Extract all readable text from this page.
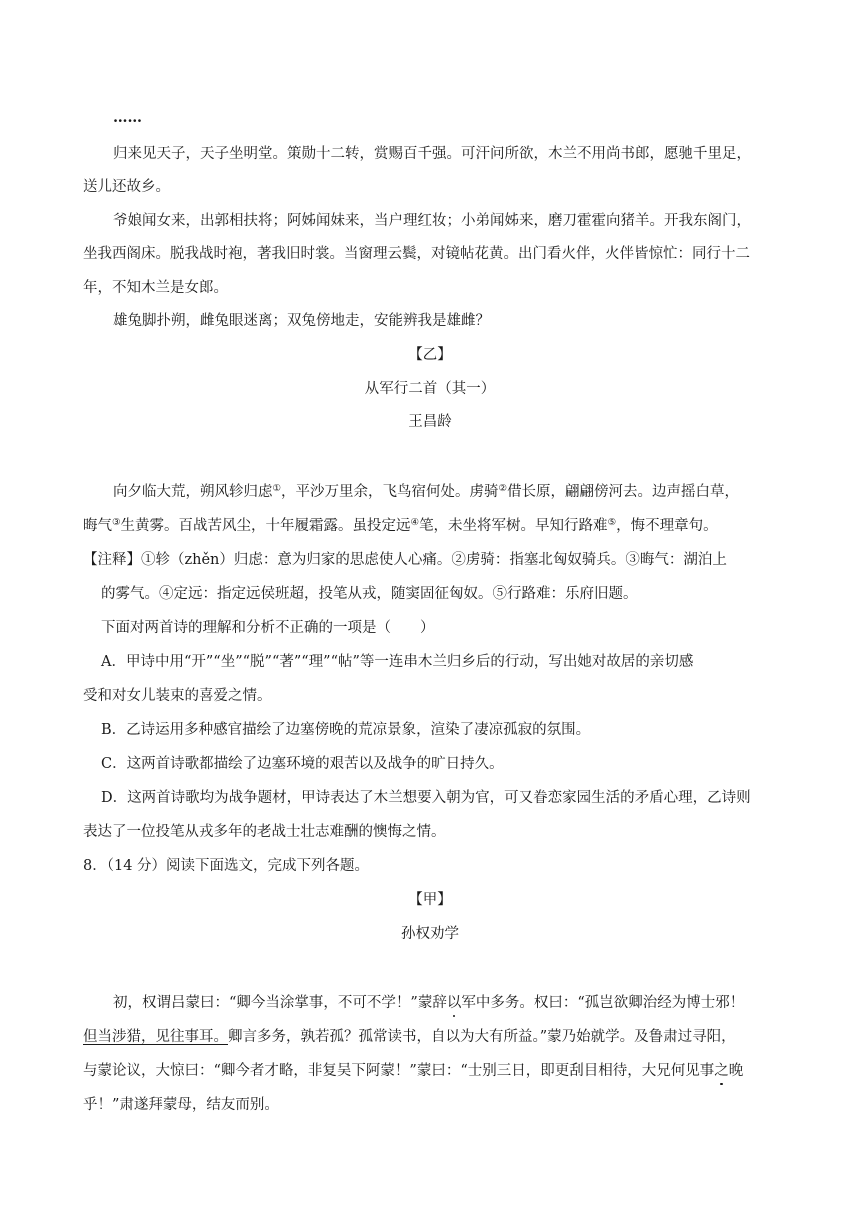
……
归来见天子，天子坐明堂。策勋十二转，赏赐百千强。可汗问所欲，木兰不用尚书郎，愿驰千里足，
送儿还故乡。
爷娘闻女来，出郭相扶将；阿姊闻妹来，当户理红妆；小弟闻姊来，磨刀霍霍向猪羊。开我东阁门，
坐我西阁床。脱我战时袍，著我旧时裳。当窗理云鬓，对镜帖花黄。出门看火伴，火伴皆惊忙：同行十二
年，不知木兰是女郎。
雄兔脚扑朔，雌兔眼迷离；双兔傍地走，安能辨我是雄雌？
【乙】
从军行二首（其一）
王昌龄
向夕临大荒，朔风轸归虑①，平沙万里余，飞鸟宿何处。虏骑②借长原，翩翩傍河去。边声摇白草，
晦气③生黄雾。百战苦风尘，十年履霜露。虽投定远④笔，未坐将军树。早知行路难⑤，悔不理章句。
【注释】①轸（zhěn）归虑：意为归家的思虑使人心痛。②虏骑：指塞北匈奴骑兵。③晦气：湖泊上
的雾气。④定远：指定远侯班超，投笔从戎，随窦固征匈奴。⑤行路难：乐府旧题。
下面对两首诗的理解和分析不正确的一项是（　　）
A．甲诗中用“开”“坐”“脱”“著”“理”“帖”等一连串木兰归乡后的行动，写出她对故居的亲切感
受和对女儿装束的喜爱之情。
B．乙诗运用多种感官描绘了边塞傍晚的荒凉景象，渲染了凄凉孤寂的氛围。
C．这两首诗歌都描绘了边塞环境的艰苦以及战争的旷日持久。
D．这两首诗歌均为战争题材，甲诗表达了木兰想要入朝为官，可又眷恋家园生活的矛盾心理，乙诗则
表达了一位投笔从戎多年的老战士壮志难酬的懊悔之情。
8．（14 分）阅读下面选文，完成下列各题。
【甲】
孙权劝学
初，权谓吕蒙曰：“卿今当涂掌事，不可不学！”蒙辞以军中多务。权曰：“孤岂欲卿治经为博士邪！
但当涉猎，见往事耳。卿言多务，孰若孤？孤常读书，自以为大有所益。”蒙乃始就学。及鲁肃过寻阳，
与蒙论议，大惊曰：“卿今者才略，非复吴下阿蒙！”蒙曰：“士别三日，即更刮目相待，大兄何见事之晚
乎！”肃遂拜蒙母，结友而别。
